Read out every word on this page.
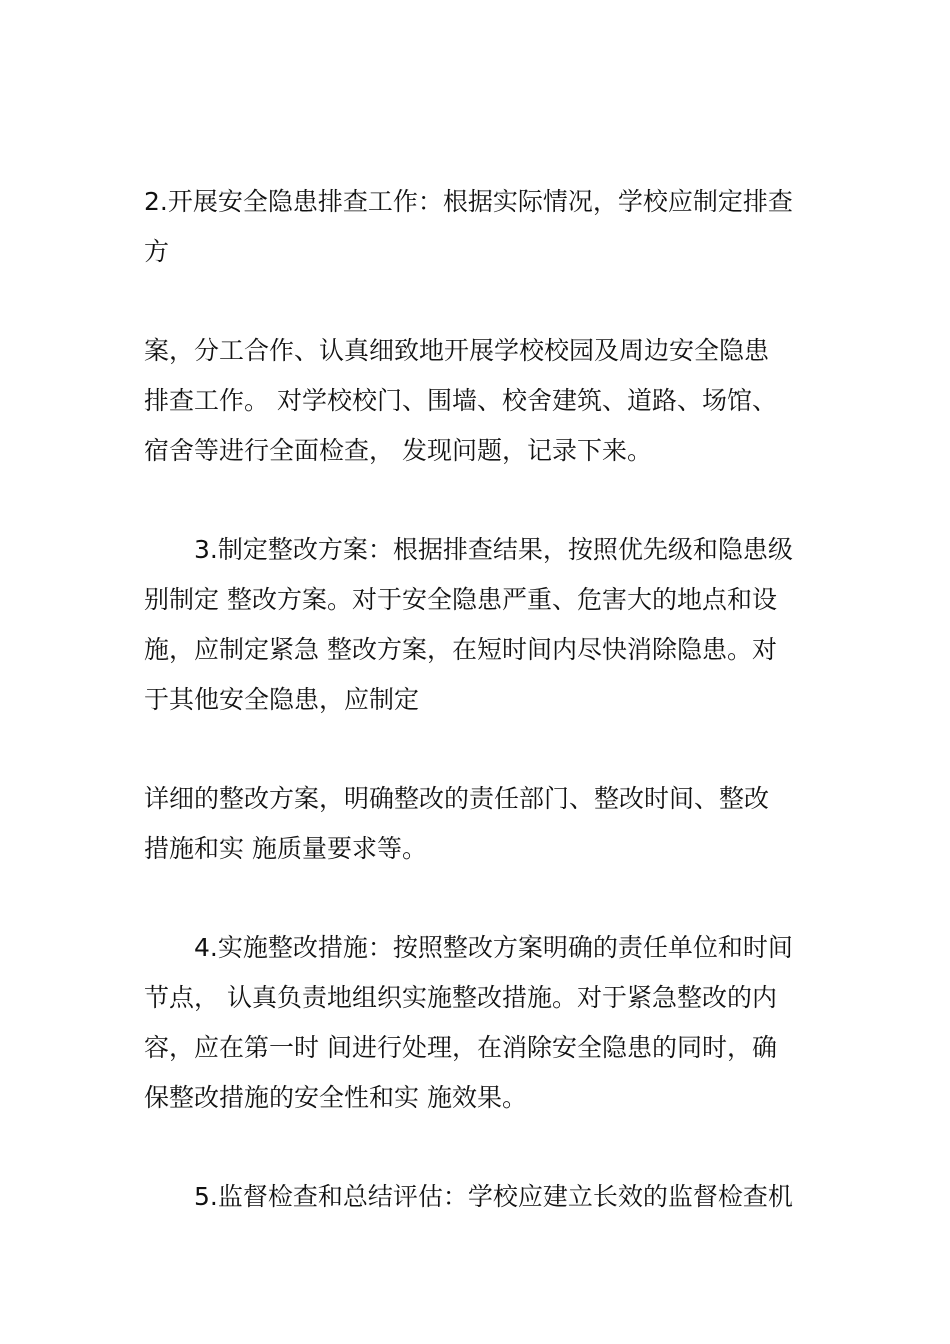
2.开展安全隐患排查工作：根据实际情况，学校应制定排查
方
案，分工合作、认真细致地开展学校校园及周边安全隐患
排查工作。 对学校校门、围墙、校舍建筑、道路、场馆、
宿舍等进行全面检查， 发现问题，记录下来。
3.制定整改方案：根据排查结果，按照优先级和隐患级
别制定 整改方案。对于安全隐患严重、危害大的地点和设
施，应制定紧急 整改方案，在短时间内尽快消除隐患。对
于其他安全隐患，应制定
详细的整改方案，明确整改的责任部门、整改时间、整改
措施和实 施质量要求等。
4.实施整改措施：按照整改方案明确的责任单位和时间
节点， 认真负责地组织实施整改措施。对于紧急整改的内
容，应在第一时 间进行处理，在消除安全隐患的同时，确
保整改措施的安全性和实 施效果。
5.监督检查和总结评估：学校应建立长效的监督检查机
